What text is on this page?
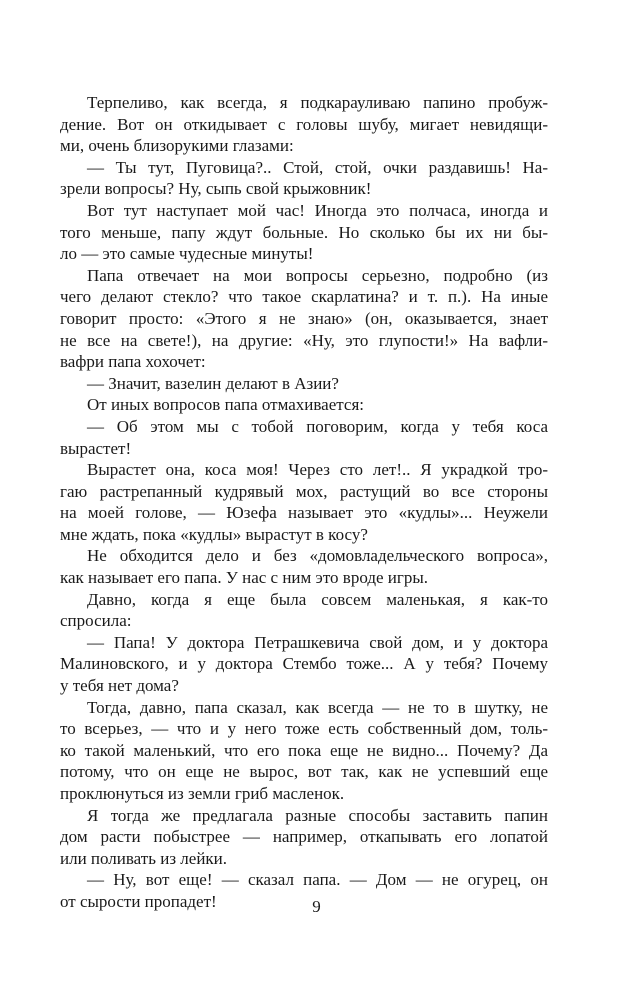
Терпеливо, как всегда, я подкарауливаю папино пробуж-
дение. Вот он откидывает с головы шубу, мигает невидящи-
ми, очень близорукими глазами:
— Ты тут, Пуговица?.. Стой, стой, очки раздавишь! На-
зрели вопросы? Ну, сыпь свой крыжовник!
Вот тут наступает мой час! Иногда это полчаса, иногда и
того меньше, папу ждут больные. Но сколько бы их ни бы-
ло — это самые чудесные минуты!
Папа отвечает на мои вопросы серьезно, подробно (из
чего делают стекло? что такое скарлатина? и т. п.). На иные
говорит просто: «Этого я не знаю» (он, оказывается, знает
не все на свете!), на другие: «Ну, это глупости!» На вафли-
вафри папа хохочет:
— Значит, вазелин делают в Азии?
От иных вопросов папа отмахивается:
— Об этом мы с тобой поговорим, когда у тебя коса
вырастет!
Вырастет она, коса моя! Через сто лет!.. Я украдкой тро-
гаю растрепанный кудрявый мох, растущий во все стороны
на моей голове, — Юзефа называет это «кудлы»... Неужели
мне ждать, пока «кудлы» вырастут в косу?
Не обходится дело и без «домовладельческого вопроса»,
как называет его папа. У нас с ним это вроде игры.
Давно, когда я еще была совсем маленькая, я как-то
спросила:
— Папа! У доктора Петрашкевича свой дом, и у доктора
Малиновского, и у доктора Стембо тоже... А у тебя? Почему
у тебя нет дома?
Тогда, давно, папа сказал, как всегда — не то в шутку, не
то всерьез, — что и у него тоже есть собственный дом, толь-
ко такой маленький, что его пока еще не видно... Почему? Да
потому, что он еще не вырос, вот так, как не успевший еще
проклюнуться из земли гриб масленок.
Я тогда же предлагала разные способы заставить папин
дом расти побыстрее — например, откапывать его лопатой
или поливать из лейки.
— Ну, вот еще! — сказал папа. — Дом — не огурец, он
от сырости пропадет!	9
